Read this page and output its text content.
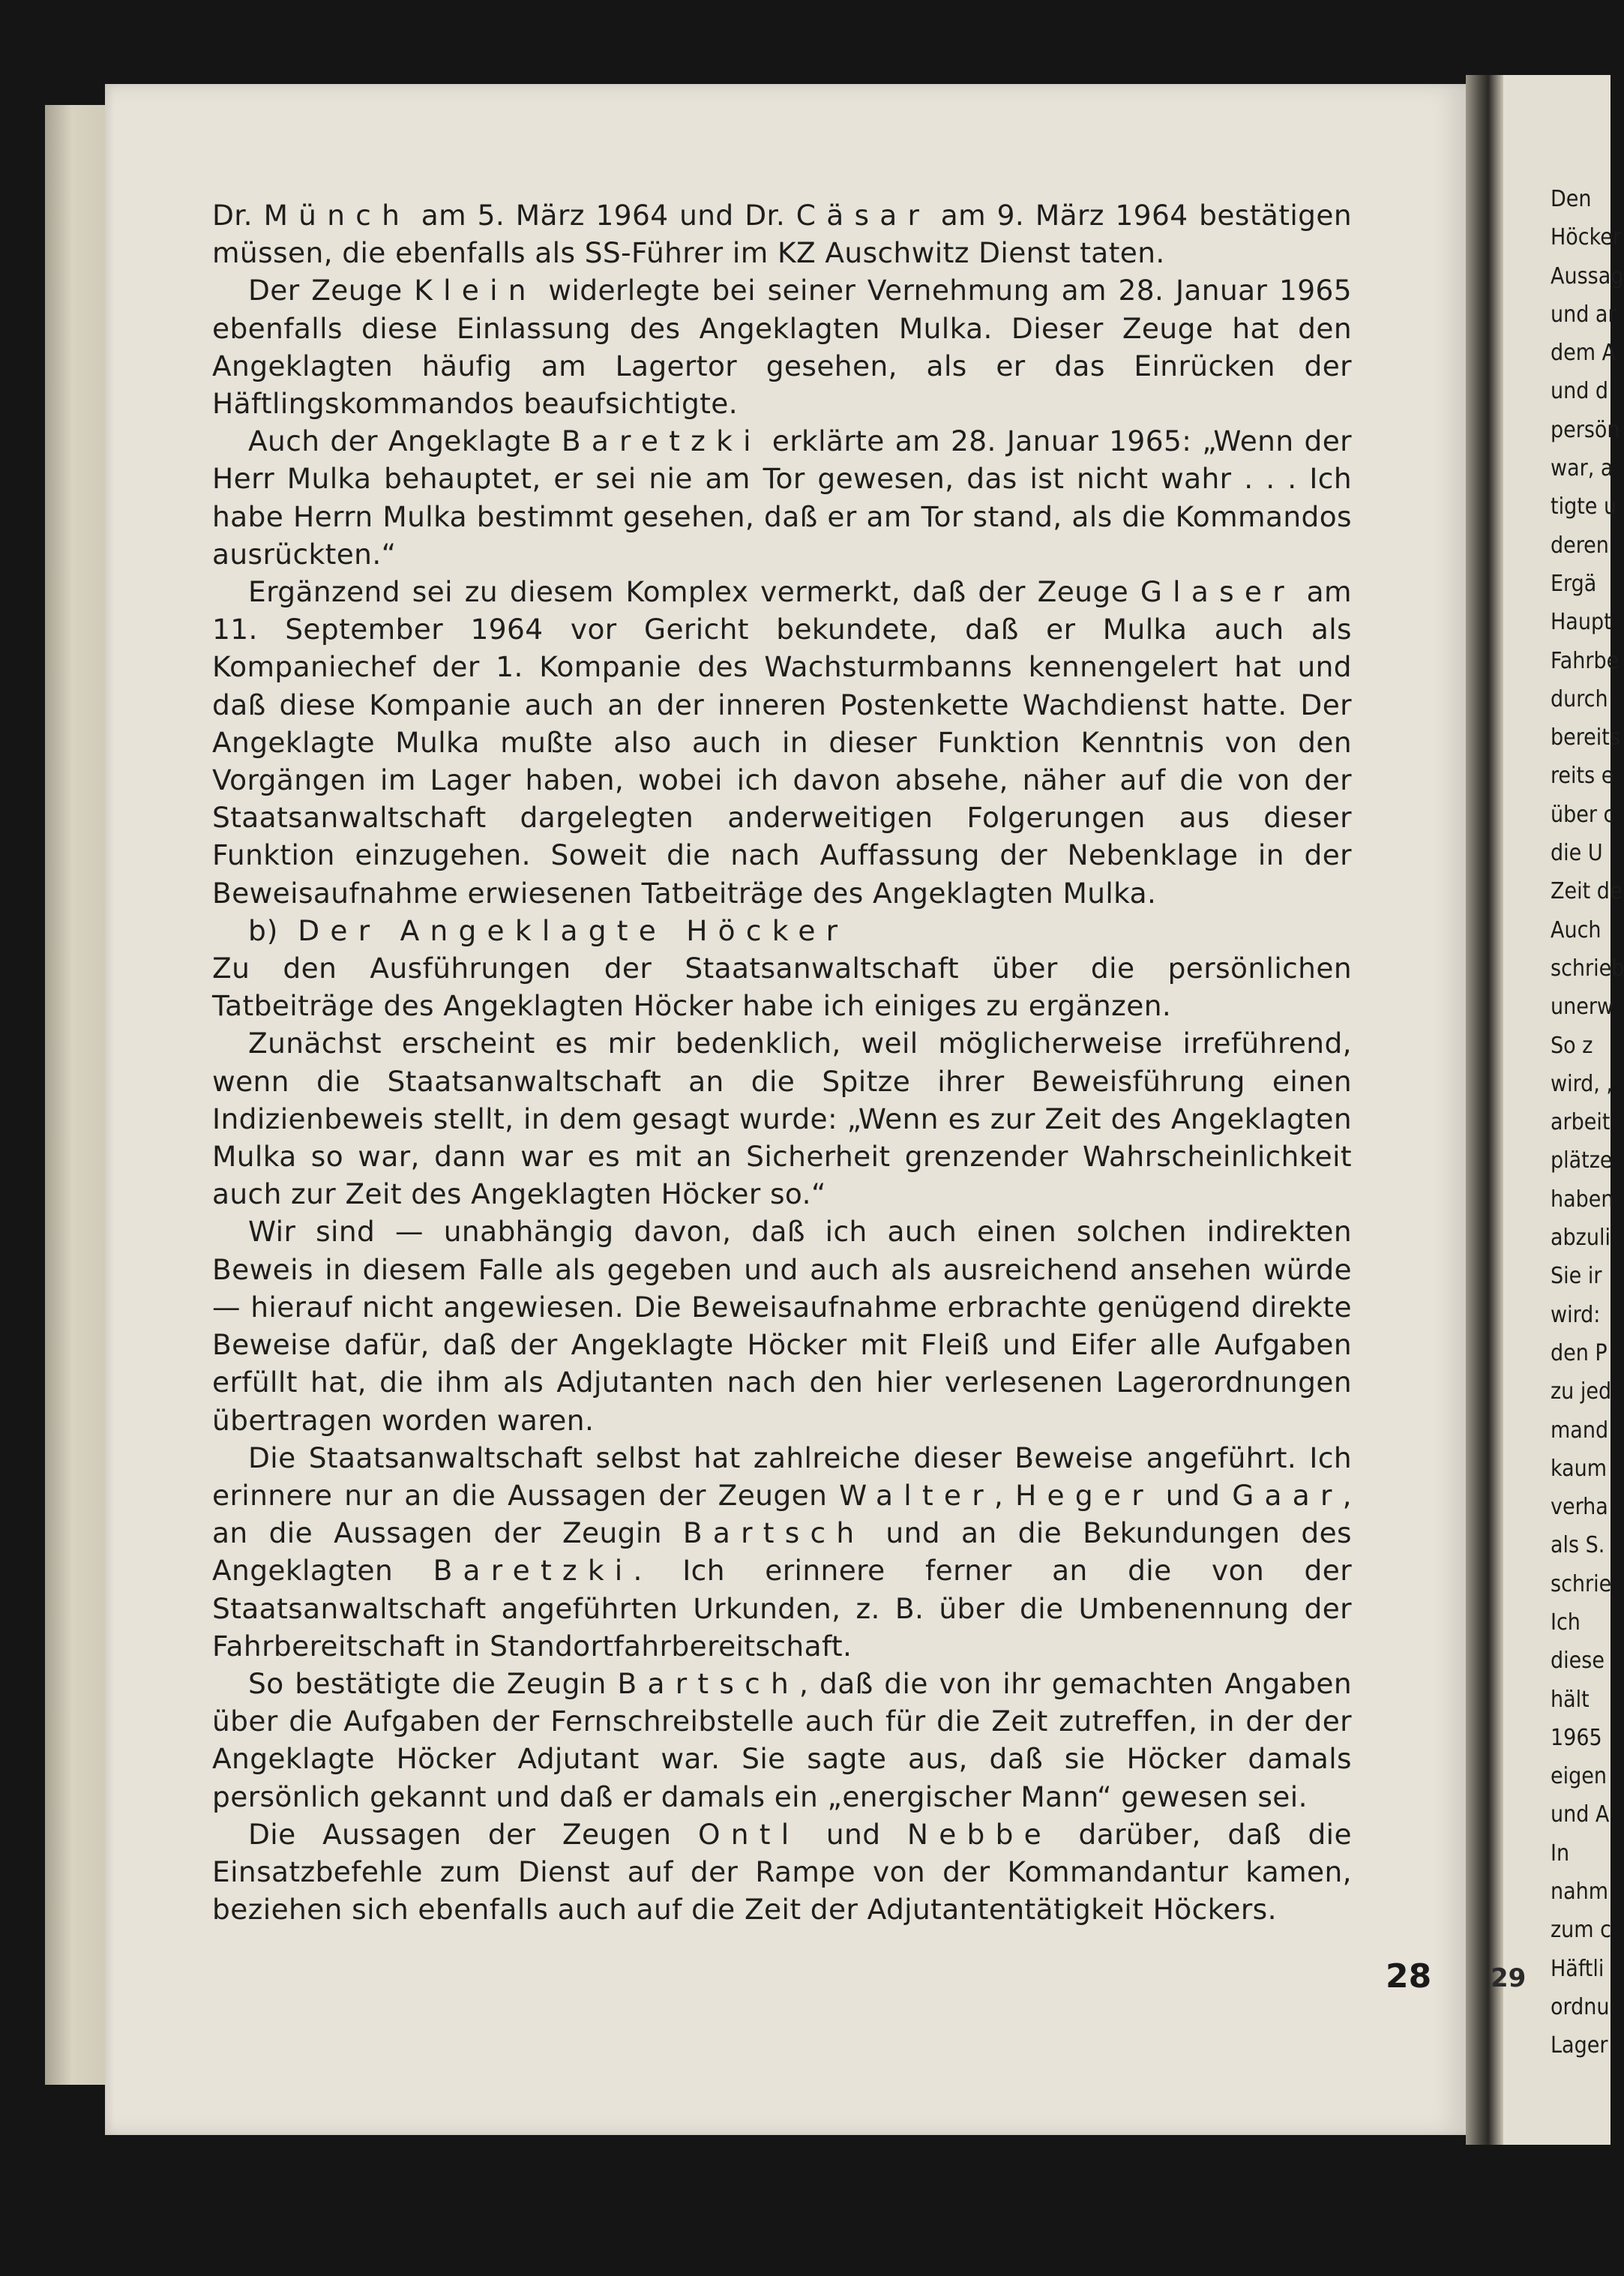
Den
Höcker
Aussag
und ar
dem A
und d
persön
war, a
tigte u
deren
Ergä
Haupt
Fahrbe
durch
bereits
reits e
über c
die U
Zeit de
Auch
schrieb
unerw
So z
wird, ,
arbeit
plätze
haben
abzuli
Sie ir
wird:
den P
zu jed
mand
kaum
verha
als S.
schrie
Ich
diese
hält
1965
eigen
und A
In
nahm
zum c
Häftli
ordnu
Lager

Dr. Münch am 5. März 1964 und Dr. Cäsar am 9. März 1964 bestätigen müssen, die ebenfalls als SS-Führer im KZ Auschwitz Dienst taten.

Der Zeuge Klein widerlegte bei seiner Vernehmung am 28. Januar 1965 ebenfalls diese Einlassung des Angeklagten Mulka. Dieser Zeuge hat den Angeklagten häufig am Lagertor gesehen, als er das Einrücken der Häftlingskommandos beaufsichtigte.

Auch der Angeklagte Baretzki erklärte am 28. Januar 1965: „Wenn der Herr Mulka behauptet, er sei nie am Tor gewesen, das ist nicht wahr . . . Ich habe Herrn Mulka bestimmt gesehen, daß er am Tor stand, als die Kommandos ausrückten.“

Ergänzend sei zu diesem Komplex vermerkt, daß der Zeuge Glaser am 11. September 1964 vor Gericht bekundete, daß er Mulka auch als Kompaniechef der 1. Kompanie des Wachsturmbanns kennengelert hat und daß diese Kompanie auch an der inneren Postenkette Wachdienst hatte. Der Angeklagte Mulka mußte also auch in dieser Funktion Kenntnis von den Vorgängen im Lager haben, wobei ich davon absehe, näher auf die von der Staatsanwaltschaft dargelegten anderweitigen Folgerungen aus dieser Funktion einzugehen. Soweit die nach Auffassung der Nebenklage in der Beweisaufnahme erwiesenen Tatbeiträge des Angeklagten Mulka.

b) Der Angeklagte Höcker

Zu den Ausführungen der Staatsanwaltschaft über die persönlichen Tatbeiträge des Angeklagten Höcker habe ich einiges zu ergänzen.

Zunächst erscheint es mir bedenklich, weil möglicherweise irreführend, wenn die Staatsanwaltschaft an die Spitze ihrer Beweisführung einen Indizienbeweis stellt, in dem gesagt wurde: „Wenn es zur Zeit des Angeklagten Mulka so war, dann war es mit an Sicherheit grenzender Wahrscheinlichkeit auch zur Zeit des Angeklagten Höcker so.“

Wir sind — unabhängig davon, daß ich auch einen solchen indirekten Beweis in diesem Falle als gegeben und auch als ausreichend ansehen würde — hierauf nicht angewiesen. Die Beweisaufnahme erbrachte genügend direkte Beweise dafür, daß der Angeklagte Höcker mit Fleiß und Eifer alle Aufgaben erfüllt hat, die ihm als Adjutanten nach den hier verlesenen Lagerordnungen übertragen worden waren.

Die Staatsanwaltschaft selbst hat zahlreiche dieser Beweise angeführt. Ich erinnere nur an die Aussagen der Zeugen Walter, Heger und Gaar, an die Aussagen der Zeugin Bartsch und an die Bekundungen des Angeklagten Baretzki. Ich erinnere ferner an die von der Staatsanwaltschaft angeführten Urkunden, z. B. über die Umbenennung der Fahrbereitschaft in Standortfahrbereitschaft.

So bestätigte die Zeugin Bartsch, daß die von ihr gemachten Angaben über die Aufgaben der Fernschreibstelle auch für die Zeit zutreffen, in der der Angeklagte Höcker Adjutant war. Sie sagte aus, daß sie Höcker damals persönlich gekannt und daß er damals ein „energischer Mann“ gewesen sei.

Die Aussagen der Zeugen Ontl und Nebbe darüber, daß die Einsatzbefehle zum Dienst auf der Rampe von der Kommandantur kamen, beziehen sich ebenfalls auch auf die Zeit der Adjutantentätigkeit Höckers.

28 29
